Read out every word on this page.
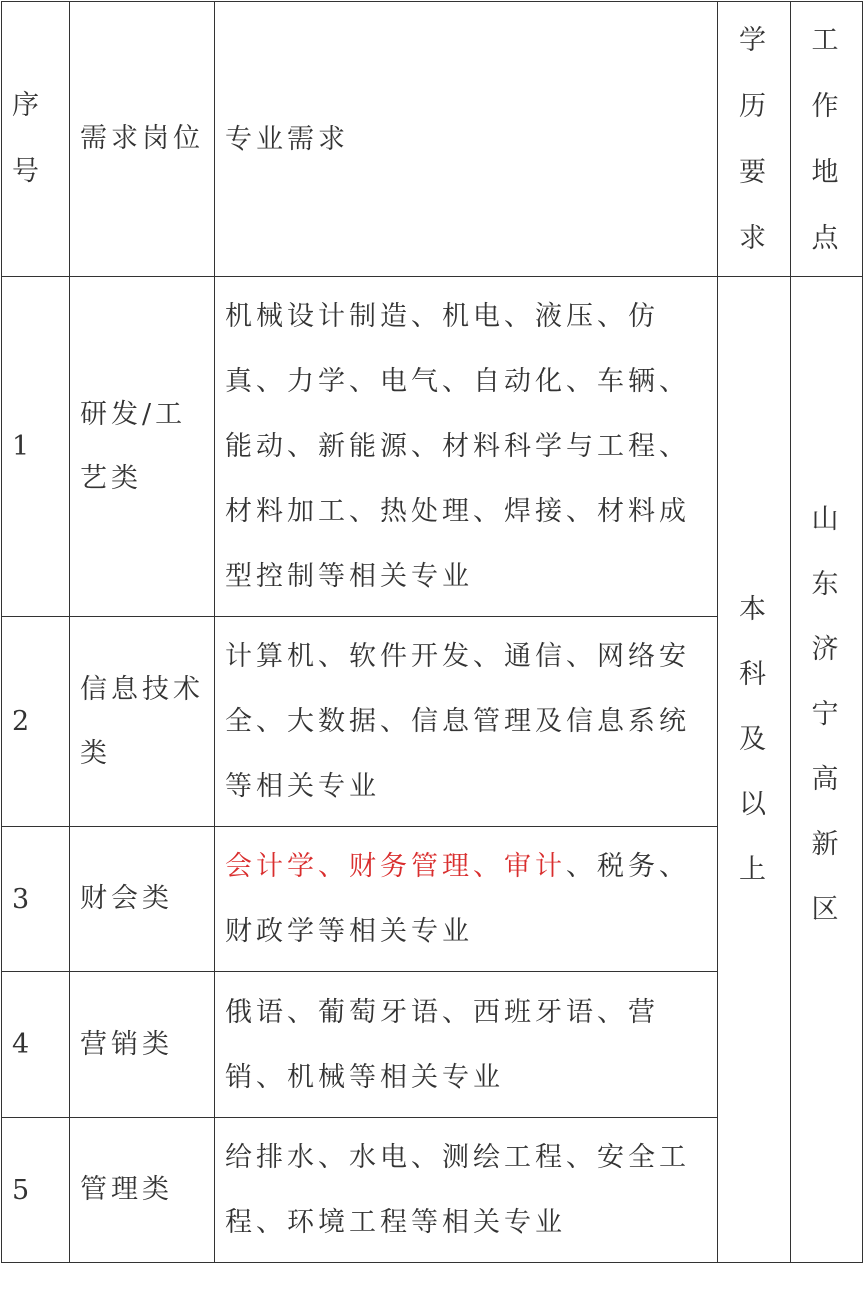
序号	需求岗位	专业需求	学历要求	工作地点

1	研发/工艺类	机械设计制造、机电、液压、仿真、力学、电气、自动化、车辆、能动、新能源、材料科学与工程、材料加工、热处理、焊接、材料成型控制等相关专业	本科及以上	山东济宁高新区
2	信息技术类	计算机、软件开发、通信、网络安全、大数据、信息管理及信息系统等相关专业		
3	财会类	会计学、财务管理、审计、税务、财政学等相关专业		
4	营销类	俄语、葡萄牙语、西班牙语、营销、机械等相关专业		
5	管理类	给排水、水电、测绘工程、安全工程、环境工程等相关专业		
